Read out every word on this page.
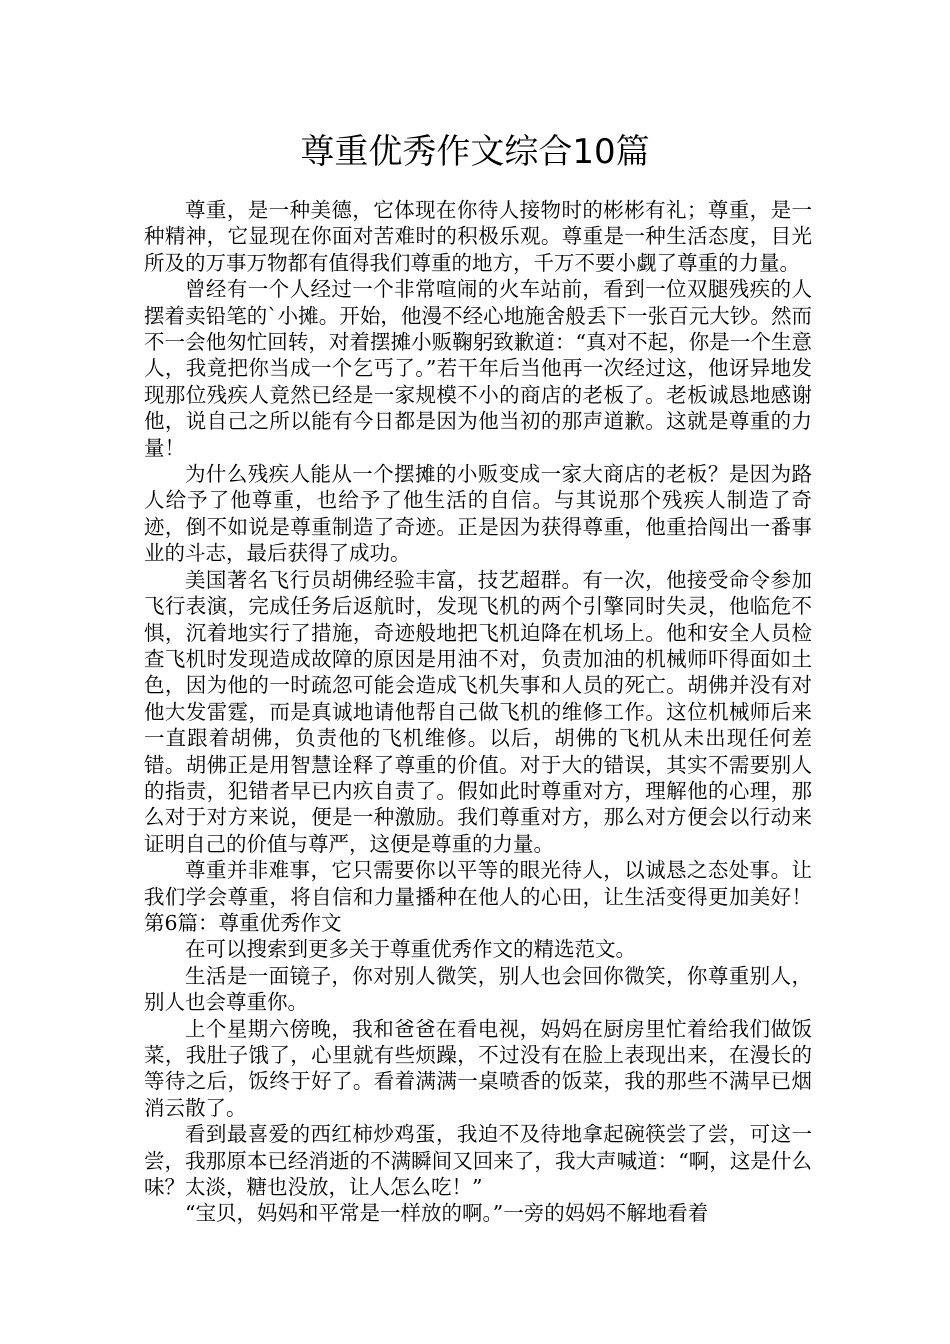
尊重优秀作文综合10篇

尊重，是一种美德，它体现在你待人接物时的彬彬有礼；尊重，是一种精神，它显现在你面对苦难时的积极乐观。尊重是一种生活态度，目光所及的万事万物都有值得我们尊重的地方，千万不要小觑了尊重的力量。

曾经有一个人经过一个非常喧闹的火车站前，看到一位双腿残疾的人摆着卖铅笔的`小摊。开始，他漫不经心地施舍般丢下一张百元大钞。然而不一会他匆忙回转，对着摆摊小贩鞠躬致歉道：“真对不起，你是一个生意人，我竟把你当成一个乞丐了。”若干年后当他再一次经过这，他讶异地发现那位残疾人竟然已经是一家规模不小的商店的老板了。老板诚恳地感谢他，说自己之所以能有今日都是因为他当初的那声道歉。这就是尊重的力量！

为什么残疾人能从一个摆摊的小贩变成一家大商店的老板？是因为路人给予了他尊重，也给予了他生活的自信。与其说那个残疾人制造了奇迹，倒不如说是尊重制造了奇迹。正是因为获得尊重，他重拾闯出一番事业的斗志，最后获得了成功。

美国著名飞行员胡佛经验丰富，技艺超群。有一次，他接受命令参加飞行表演，完成任务后返航时，发现飞机的两个引擎同时失灵，他临危不惧，沉着地实行了措施，奇迹般地把飞机迫降在机场上。他和安全人员检查飞机时发现造成故障的原因是用油不对，负责加油的机械师吓得面如土色，因为他的一时疏忽可能会造成飞机失事和人员的死亡。胡佛并没有对他大发雷霆，而是真诚地请他帮自己做飞机的维修工作。这位机械师后来一直跟着胡佛，负责他的飞机维修。以后，胡佛的飞机从未出现任何差错。胡佛正是用智慧诠释了尊重的价值。对于大的错误，其实不需要别人的指责，犯错者早已内疚自责了。假如此时尊重对方，理解他的心理，那么对于对方来说，便是一种激励。我们尊重对方，那么对方便会以行动来证明自己的价值与尊严，这便是尊重的力量。

尊重并非难事，它只需要你以平等的眼光待人，以诚恳之态处事。让我们学会尊重，将自信和力量播种在他人的心田，让生活变得更加美好！第6篇：尊重优秀作文

在可以搜索到更多关于尊重优秀作文的精选范文。

生活是一面镜子，你对别人微笑，别人也会回你微笑，你尊重别人，别人也会尊重你。

上个星期六傍晚，我和爸爸在看电视，妈妈在厨房里忙着给我们做饭菜，我肚子饿了，心里就有些烦躁，不过没有在脸上表现出来，在漫长的等待之后，饭终于好了。看着满满一桌喷香的饭菜，我的那些不满早已烟消云散了。

看到最喜爱的西红柿炒鸡蛋，我迫不及待地拿起碗筷尝了尝，可这一尝，我那原本已经消逝的不满瞬间又回来了，我大声喊道：“啊，这是什么味？太淡，糖也没放，让人怎么吃！”

“宝贝，妈妈和平常是一样放的啊。”一旁的妈妈不解地看着
